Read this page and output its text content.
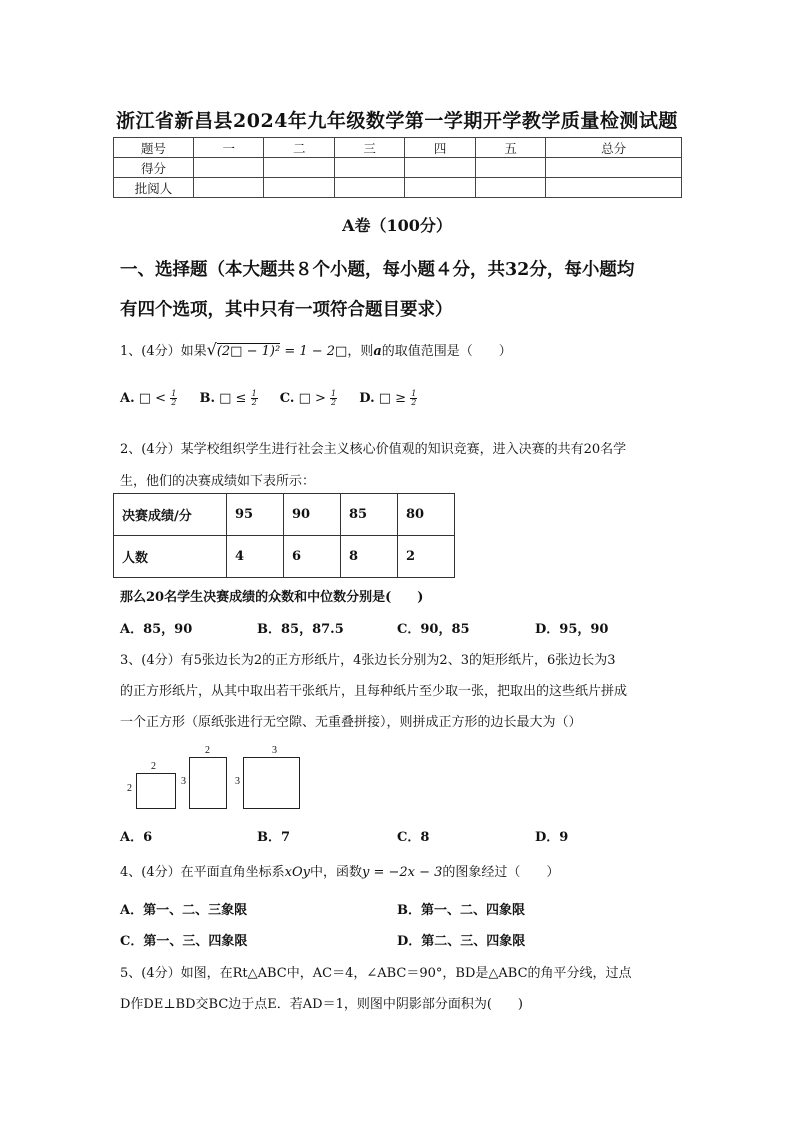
浙江省新昌县2024年九年级数学第一学期开学教学质量检测试题
题号	一	二	三	四	五	总分
得分						
批阅人						
A卷（100分）
一、选择题（本大题共８个小题，每小题４分，共32分，每小题均
有四个选项，其中只有一项符合题目要求）
1、(4分）如果√(2□ − 1)² = 1 − 2□，则a的取值范围是（　　）
A. □ < $\frac{1}{2} B$. □ ≤ $\frac{1}{2} C$. □ > $\frac{1}{2} D$. □ ≥ $\frac{1}{2}$
2、(4分）某学校组织学生进行社会主义核心价值观的知识竞赛，进入决赛的共有20名学
生，他们的决赛成绩如下表所示：
决赛成绩/分	95	90	85	80
人数	4	6	8	2
那么20名学生决赛成绩的众数和中位数分别是(　　)
A．85，90	B．85，87.5	C．90，85	D．95，90
3、(4分）有5张边长为2的正方形纸片，4张边长分别为2、3的矩形纸片，6张边长为3
的正方形纸片，从其中取出若干张纸片，且每种纸片至少取一张，把取出的这些纸片拼成
一个正方形（原纸张进行无空隙、无重叠拼接），则拼成正方形的边长最大为（）
2
2
2
3
3
3
A．6	B．7	C．8	D．9
4、(4分）在平面直角坐标系xOy中，函数y = −2x − 3的图象经过（　　）
A．第一、二、三象限	B．第一、二、四象限
C．第一、三、四象限	D．第二、三、四象限
5、(4分）如图，在Rt△ABC中，AC＝4，∠ABC＝90°，BD是△ABC的角平分线，过点
D作DE⊥BD交BC边于点E．若AD＝1，则图中阴影部分面积为(　　)
